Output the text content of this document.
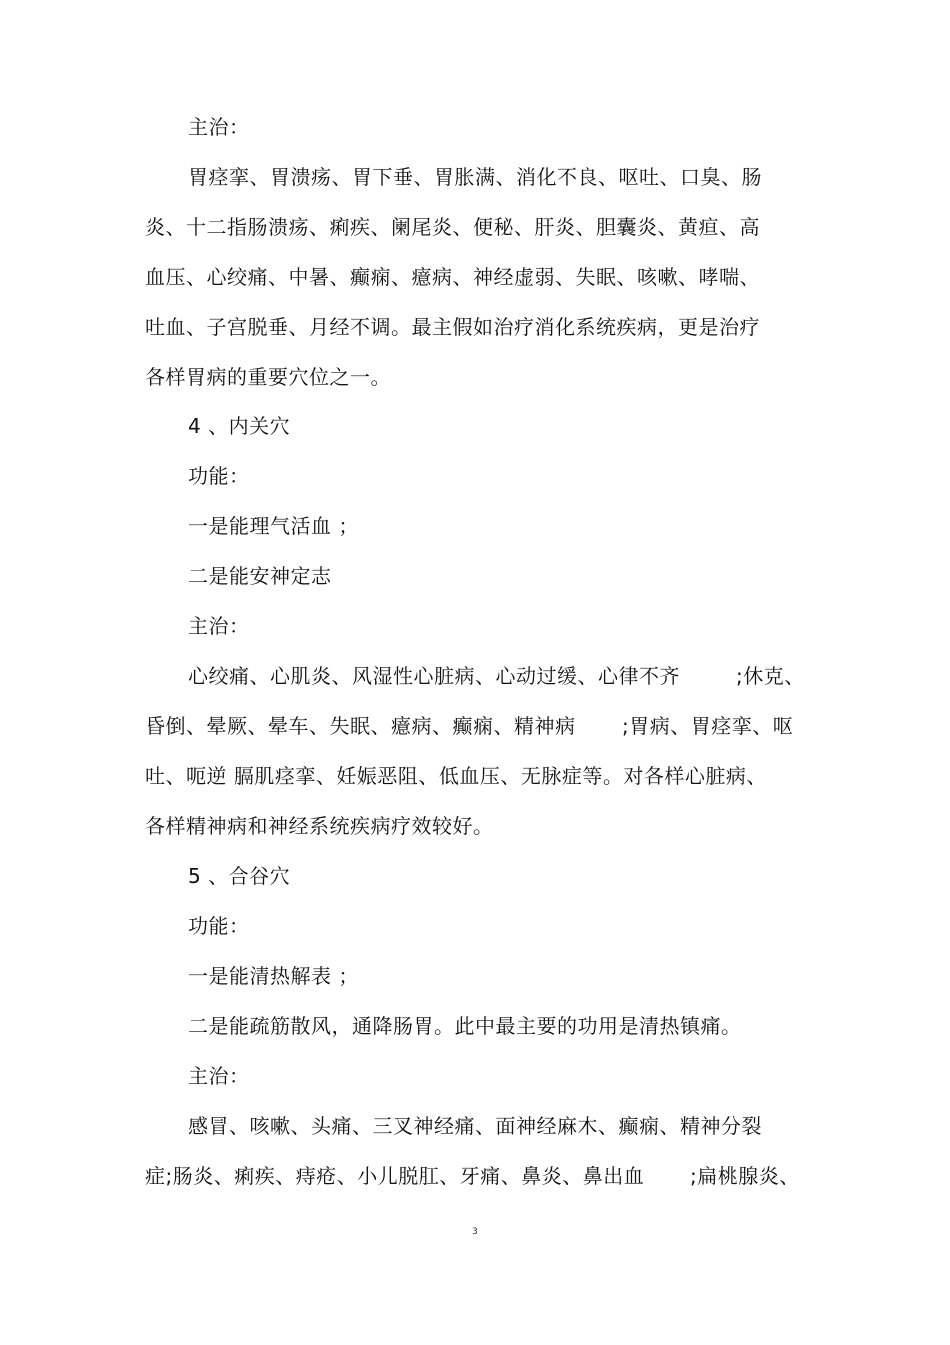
主治：
胃痉挛、胃溃疡、胃下垂、胃胀满、消化不良、呕吐、口臭、肠
炎、十二指肠溃疡、痢疾、阑尾炎、便秘、肝炎、胆囊炎、黄疸、高
血压、心绞痛、中暑、癫痫、癔病、神经虚弱、失眠、咳嗽、哮喘、
吐血、子宫脱垂、月经不调。最主假如治疗消化系统疾病，更是治疗
各样胃病的重要穴位之一。
4 、内关穴
功能：
一是能理气活血 ；
二是能安神定志
主治：
心绞痛、心肌炎、风湿性心脏病、心动过缓、心律不齐	;休克、
昏倒、晕厥、晕车、失眠、癔病、癫痫、精神病 ;胃病、胃痉挛、呕
吐、呃逆 膈肌痉挛、妊娠恶阻、低血压、无脉症等。对各样心脏病、
各样精神病和神经系统疾病疗效较好。
5 、合谷穴
功能：
一是能清热解表 ；
二是能疏筋散风，通降肠胃。此中最主要的功用是清热镇痛。
主治：
感冒、咳嗽、头痛、三叉神经痛、面神经麻木、癫痫、精神分裂
症;肠炎、痢疾、痔疮、小儿脱肛、牙痛、鼻炎、鼻出血 ;扁桃腺炎、
3
